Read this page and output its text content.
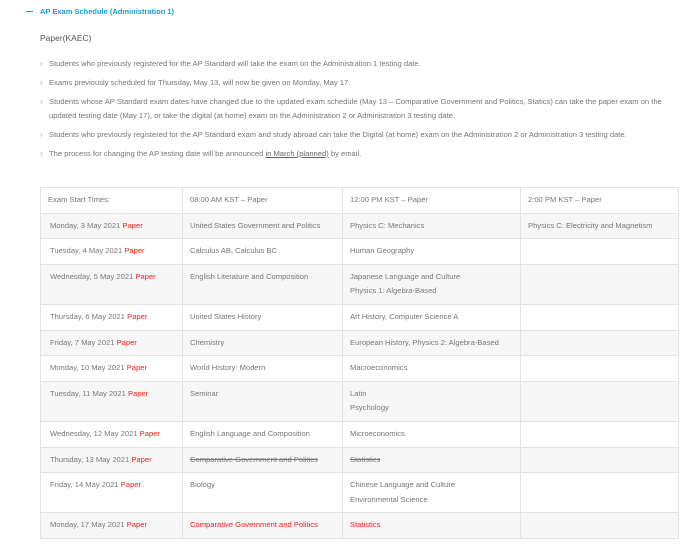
AP Exam Schedule (Administration 1)
Paper(KAEC)
› Students who previously registered for the AP Standard will take the exam on the Administration 1 testing date.
› Exams previously scheduled for Thursday, May 13, will now be given on Monday, May 17.
› Students whose AP Standard exam dates have changed due to the updated exam schedule (May 13 – Comparative Government and Politics, Statics) can take the paper exam on the updated testing date (May 17), or take the digital (at home) exam on the Administration 2 or Administration 3 testing date.
› Students who previously registered for the AP Standard exam and study abroad can take the Digital (at home) exam on the Administration 2 or Administration 3 testing date.
› The process for changing the AP testing date will be announced in March (planned) by email.
Exam Start Times:	08:00 AM KST – Paper	12:00 PM KST – Paper	2:00 PM KST – Paper
Monday, 3 May 2021 Paper	United States Government and Politics	Physics C: Mechanics	Physics C: Electricity and Magnetism
Tuesday, 4 May 2021 Paper	Calculus AB, Calculus BC	Human Geography	
Wednesday, 5 May 2021 Paper	English Literature and Composition	Japanese Language and Culture
Physics 1: Algebra-Based	

Thursday, 6 May 2021 Paper	United States History	Art History, Computer Science A	
Friday, 7 May 2021 Paper	Chemistry	European History, Physics 2: Algebra-Based	
Monday, 10 May 2021 Paper	World History: Modern	Macroeconomics	
Tuesday, 11 May 2021 Paper	Seminar	Latin
Psychology	

Wednesday, 12 May 2021 Paper	English Language and Composition	Microeconomics	
Thursday, 13 May 2021 Paper	Comparative Government and Politics	Statistics	
Friday, 14 May 2021 Paper	Biology	Chinese Language and Culture
Environmental Science	

Monday, 17 May 2021 Paper	Comparative Government and Politics	Statistics	
